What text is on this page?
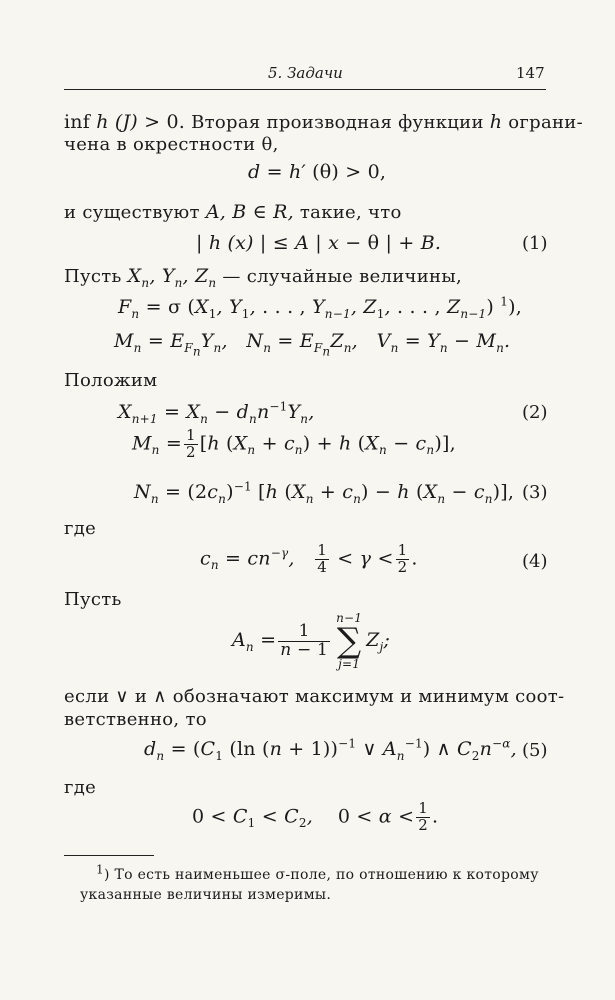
5. Задачи	147
inf h (J) > 0. Вторая производная функции h ограни-
чена в окрестности θ,
d = h′ (θ) > 0,
и существуют A, B ∈ R, такие, что
| h (x) | ≤ A | x − θ | + B.	(1)
Пусть $X_n$, $Y_n$, $Z_n$ — случайные величины,
$F_n = \sigma$ ($X_1$, $Y_1$, . . . , $Y_{n-1}$, $Z_1$, . . . , $Z_{n-1}$) $^1$),
$M_n = E_{F_n}Y_n$,   $N_n = E_{F_n}Z_n$,   $V_n = Y_n - M_n$.
Положим
$X_{n+1} = X_n - d_nn^{-1}Y_n$,	(2)
$M_n = \frac{1}{2} [h$ $(X_n + c_n) + h$ $(X_n - c_n)$],
$N_n = (2c_n)^{-1}$ [h $(X_n + c_n) - h$ $(X_n - c_n)$], (3)
где
$c_n = cn^{-\gamma}$, $\frac{1}{4} < \gamma < \frac{1}{2}$ .	(4)
Пусть
$A_n = \frac{1}{n - 1}$
n−1
∑
j=1
$Z_j$;
если ∨ и ∧ обозначают максимум и минимум соот-
ветственно, то
$d_n = (C_1$ (ln (n + 1))$^{-1}$ ∨ $A_n^{-1}$) ∧ $C_2n^{-\alpha}$, (5)
где
$0 < C_1 < C_2$,    $0 < \alpha < \frac{1}{2}$ .
$^1$) То есть наименьшее σ-поле, по отношению к которому
указанные величины измеримы.
